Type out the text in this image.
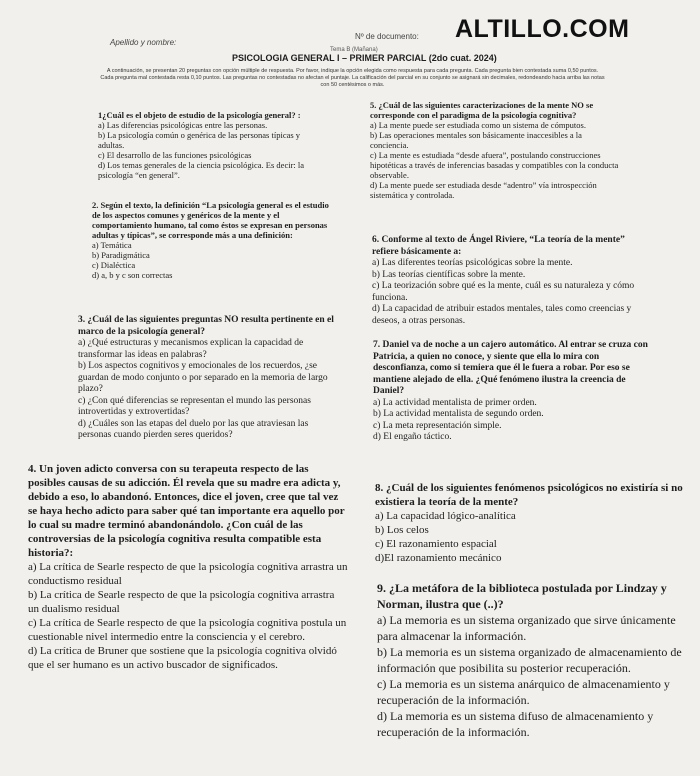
Apellido y nombre:
Nº de documento: ALTILLO.COM
Tema B (Mañana)
PSICOLOGIA GENERAL I – PRIMER PARCIAL (2do cuat. 2024)
A continuación, se presentan 20 preguntas con opción múltiple de respuesta. Por favor, indique la opción elegida como respuesta para cada pregunta. Cada pregunta bien contestada suma 0,50 puntos. Cada pregunta mal contestada resta 0,10 puntos. Las preguntas no contestadas no afectan el puntaje. La calificación del parcial en su conjunto se asignará sin decimales, redondeando hacia arriba las notas con 50 centésimos o más.

1¿Cuál es el objeto de estudio de la psicología general? :

a) Las diferencias psicológicas entre las personas.

b) La psicología común o genérica de las personas típicas y adultas.

c) El desarrollo de las funciones psicológicas

d) Los temas generales de la ciencia psicológica. Es decir: la psicología “en general”.

2. Según el texto, la definición “La psicología general es el estudio de los aspectos comunes y genéricos de la mente y el comportamiento humano, tal como éstos se expresan en personas adultas y típicas”, se corresponde más a una definición:

a) Temática

b) Paradigmática

c) Dialéctica

d) a, b y c son correctas

3. ¿Cuál de las siguientes preguntas NO resulta pertinente en el marco de la psicología general?

a) ¿Qué estructuras y mecanismos explican la capacidad de transformar las ideas en palabras?

b) Los aspectos cognitivos y emocionales de los recuerdos, ¿se guardan de modo conjunto o por separado en la memoria de largo plazo?

c) ¿Con qué diferencias se representan el mundo las personas introvertidas y extrovertidas?

d) ¿Cuáles son las etapas del duelo por las que atraviesan las personas cuando pierden seres queridos?

4. Un joven adicto conversa con su terapeuta respecto de las posibles causas de su adicción. Él revela que su madre era adicta y, debido a eso, lo abandonó. Entonces, dice el joven, cree que tal vez se haya hecho adicto para saber qué tan importante era aquello por lo cual su madre terminó abandonándolo. ¿Con cuál de las controversias de la psicología cognitiva resulta compatible esta historia?:

a) La crítica de Searle respecto de que la psicología cognitiva arrastra un conductismo residual

b) La crítica de Searle respecto de que la psicología cognitiva arrastra un dualismo residual

c) La crítica de Searle respecto de que la psicología cognitiva postula un cuestionable nivel intermedio entre la consciencia y el cerebro.

d) La crítica de Bruner que sostiene que la psicología cognitiva olvidó que el ser humano es un activo buscador de significados.

5. ¿Cuál de las siguientes caracterizaciones de la mente NO se corresponde con el paradigma de la psicología cognitiva?

a) La mente puede ser estudiada como un sistema de cómputos.

b) Las operaciones mentales son básicamente inaccesibles a la conciencia.

c) La mente es estudiada “desde afuera”, postulando construcciones hipotéticas a través de inferencias basadas y compatibles con la conducta observable.

d) La mente puede ser estudiada desde “adentro” vía introspección sistemática y controlada.

6. Conforme al texto de Ángel Riviere, “La teoría de la mente” refiere básicamente a:

a) Las diferentes teorías psicológicas sobre la mente.

b) Las teorías científicas sobre la mente.

c) La teorización sobre qué es la mente, cuál es su naturaleza y cómo funciona.

d) La capacidad de atribuir estados mentales, tales como creencias y deseos, a otras personas.

7. Daniel va de noche a un cajero automático. Al entrar se cruza con Patricia, a quien no conoce, y siente que ella lo mira con desconfianza, como si temiera que él le fuera a robar. Por eso se mantiene alejado de ella. ¿Qué fenómeno ilustra la creencia de Daniel?

a) La actividad mentalista de primer orden.

b) La actividad mentalista de segundo orden.

c) La meta representación simple.

d) El engaño táctico.

8. ¿Cuál de los siguientes fenómenos psicológicos no existiría si no existiera la teoría de la mente?

a) La capacidad lógico-analítica

b) Los celos

c) El razonamiento espacial

d)El razonamiento mecánico

9. ¿La metáfora de la biblioteca postulada por Lindzay y Norman, ilustra que (..)?

a) La memoria es un sistema organizado que sirve únicamente para almacenar la información.

b) La memoria es un sistema organizado de almacenamiento de información que posibilita su posterior recuperación.

c) La memoria es un sistema anárquico de almacenamiento y recuperación de la información.

d) La memoria es un sistema difuso de almacenamiento y recuperación de la información.
